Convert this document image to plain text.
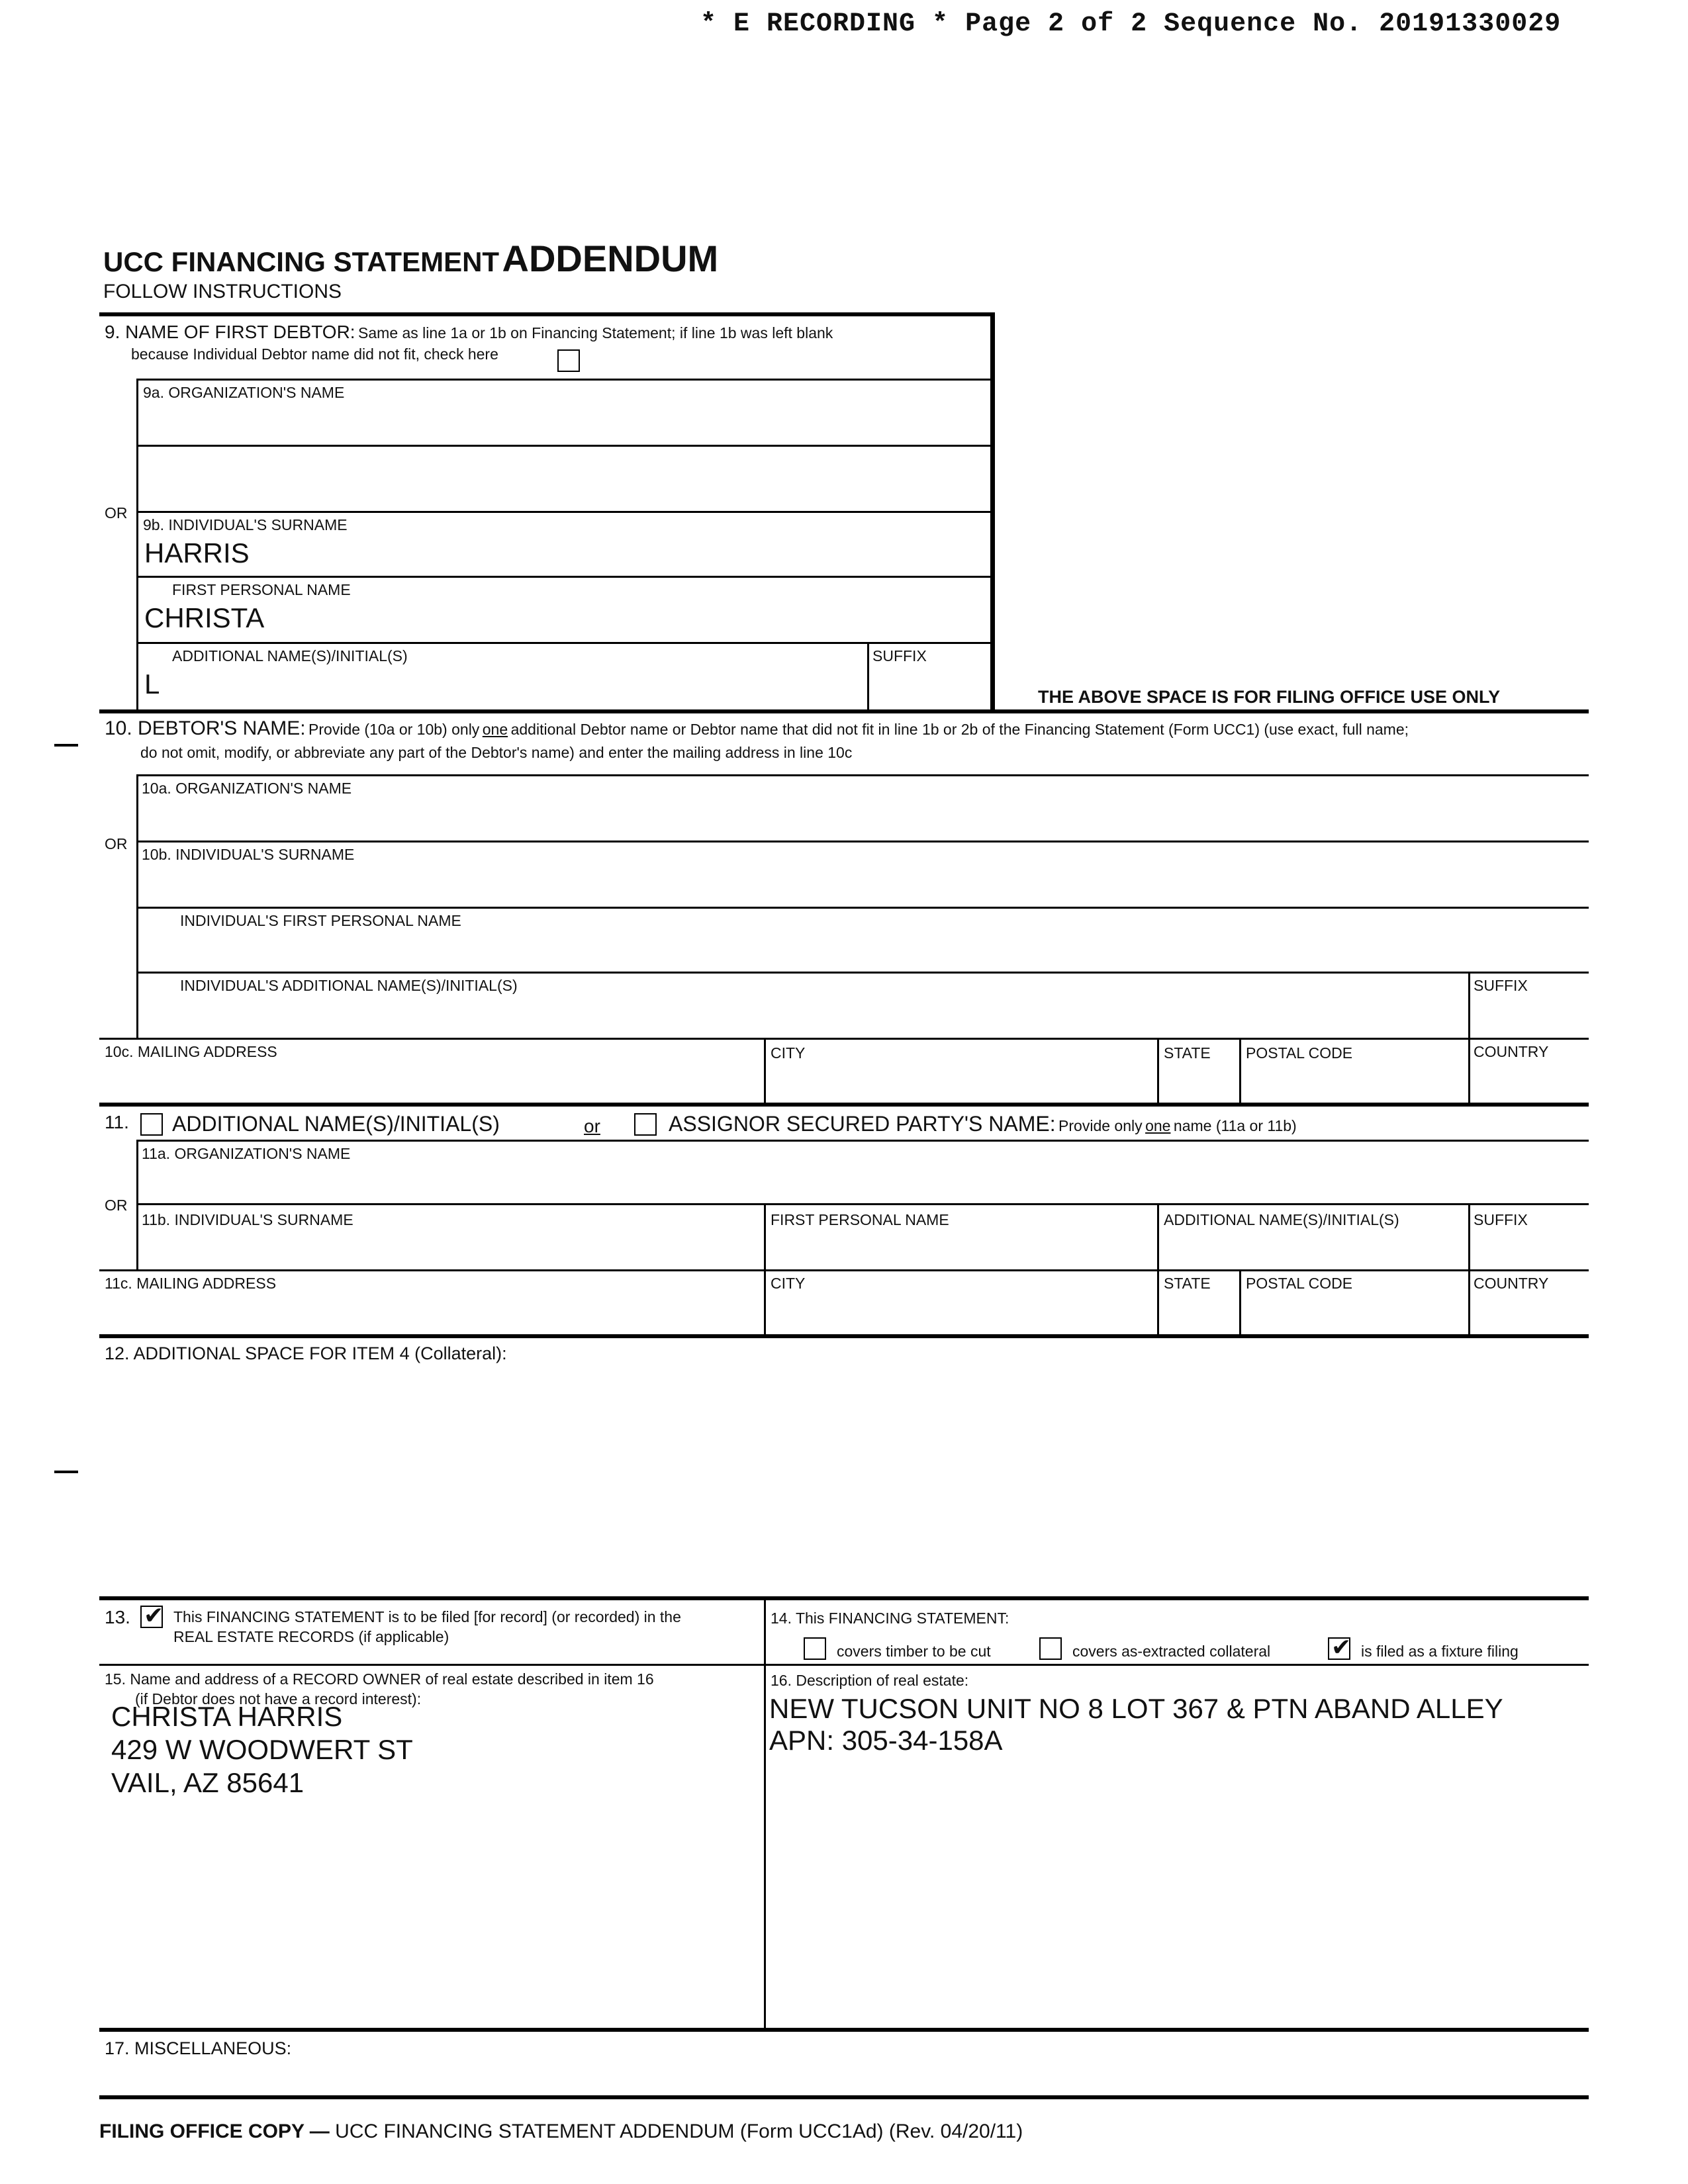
* E RECORDING * Page 2 of 2 Sequence No. 20191330029
UCC FINANCING STATEMENT ADDENDUM
FOLLOW INSTRUCTIONS
9. NAME OF FIRST DEBTOR: Same as line 1a or 1b on Financing Statement; if line 1b was left blank
because Individual Debtor name did not fit, check here
9a. ORGANIZATION'S NAME
OR
9b. INDIVIDUAL'S SURNAME
HARRIS
FIRST PERSONAL NAME
CHRISTA
ADDITIONAL NAME(S)/INITIAL(S)
L
SUFFIX
THE ABOVE SPACE IS FOR FILING OFFICE USE ONLY
10. DEBTOR'S NAME: Provide (10a or 10b) only one additional Debtor name or Debtor name that did not fit in line 1b or 2b of the Financing Statement (Form UCC1) (use exact, full name;
do not omit, modify, or abbreviate any part of the Debtor's name) and enter the mailing address in line 10c
10a. ORGANIZATION'S NAME
OR
10b. INDIVIDUAL'S SURNAME
INDIVIDUAL'S FIRST PERSONAL NAME
INDIVIDUAL'S ADDITIONAL NAME(S)/INITIAL(S)	SUFFIX
10c. MAILING ADDRESS	CITY	STATE POSTAL CODE	COUNTRY
11. ADDITIONAL NAME(S)/INITIAL(S)	or	ASSIGNOR SECURED PARTY'S NAME: Provide only one name (11a or 11b)
11a. ORGANIZATION'S NAME
OR
11b. INDIVIDUAL'S SURNAME	FIRST PERSONAL NAME	ADDITIONAL NAME(S)/INITIAL(S)	SUFFIX
11c. MAILING ADDRESS	CITY	STATE POSTAL CODE	COUNTRY
12. ADDITIONAL SPACE FOR ITEM 4 (Collateral):
13. ✔ This FINANCING STATEMENT is to be filed [for record] (or recorded) in the
REAL ESTATE RECORDS (if applicable)
14. This FINANCING STATEMENT:
covers timber to be cut	covers as-extracted collateral	✔ is filed as a fixture filing
15. Name and address of a RECORD OWNER of real estate described in item 16
(if Debtor does not have a record interest):
CHRISTA HARRIS
429 W WOODWERT ST
VAIL, AZ 85641
16. Description of real estate:
NEW TUCSON UNIT NO 8 LOT 367 & PTN ABAND ALLEY
APN: 305-34-158A
17. MISCELLANEOUS:
FILING OFFICE COPY — UCC FINANCING STATEMENT ADDENDUM (Form UCC1Ad) (Rev. 04/20/11)
